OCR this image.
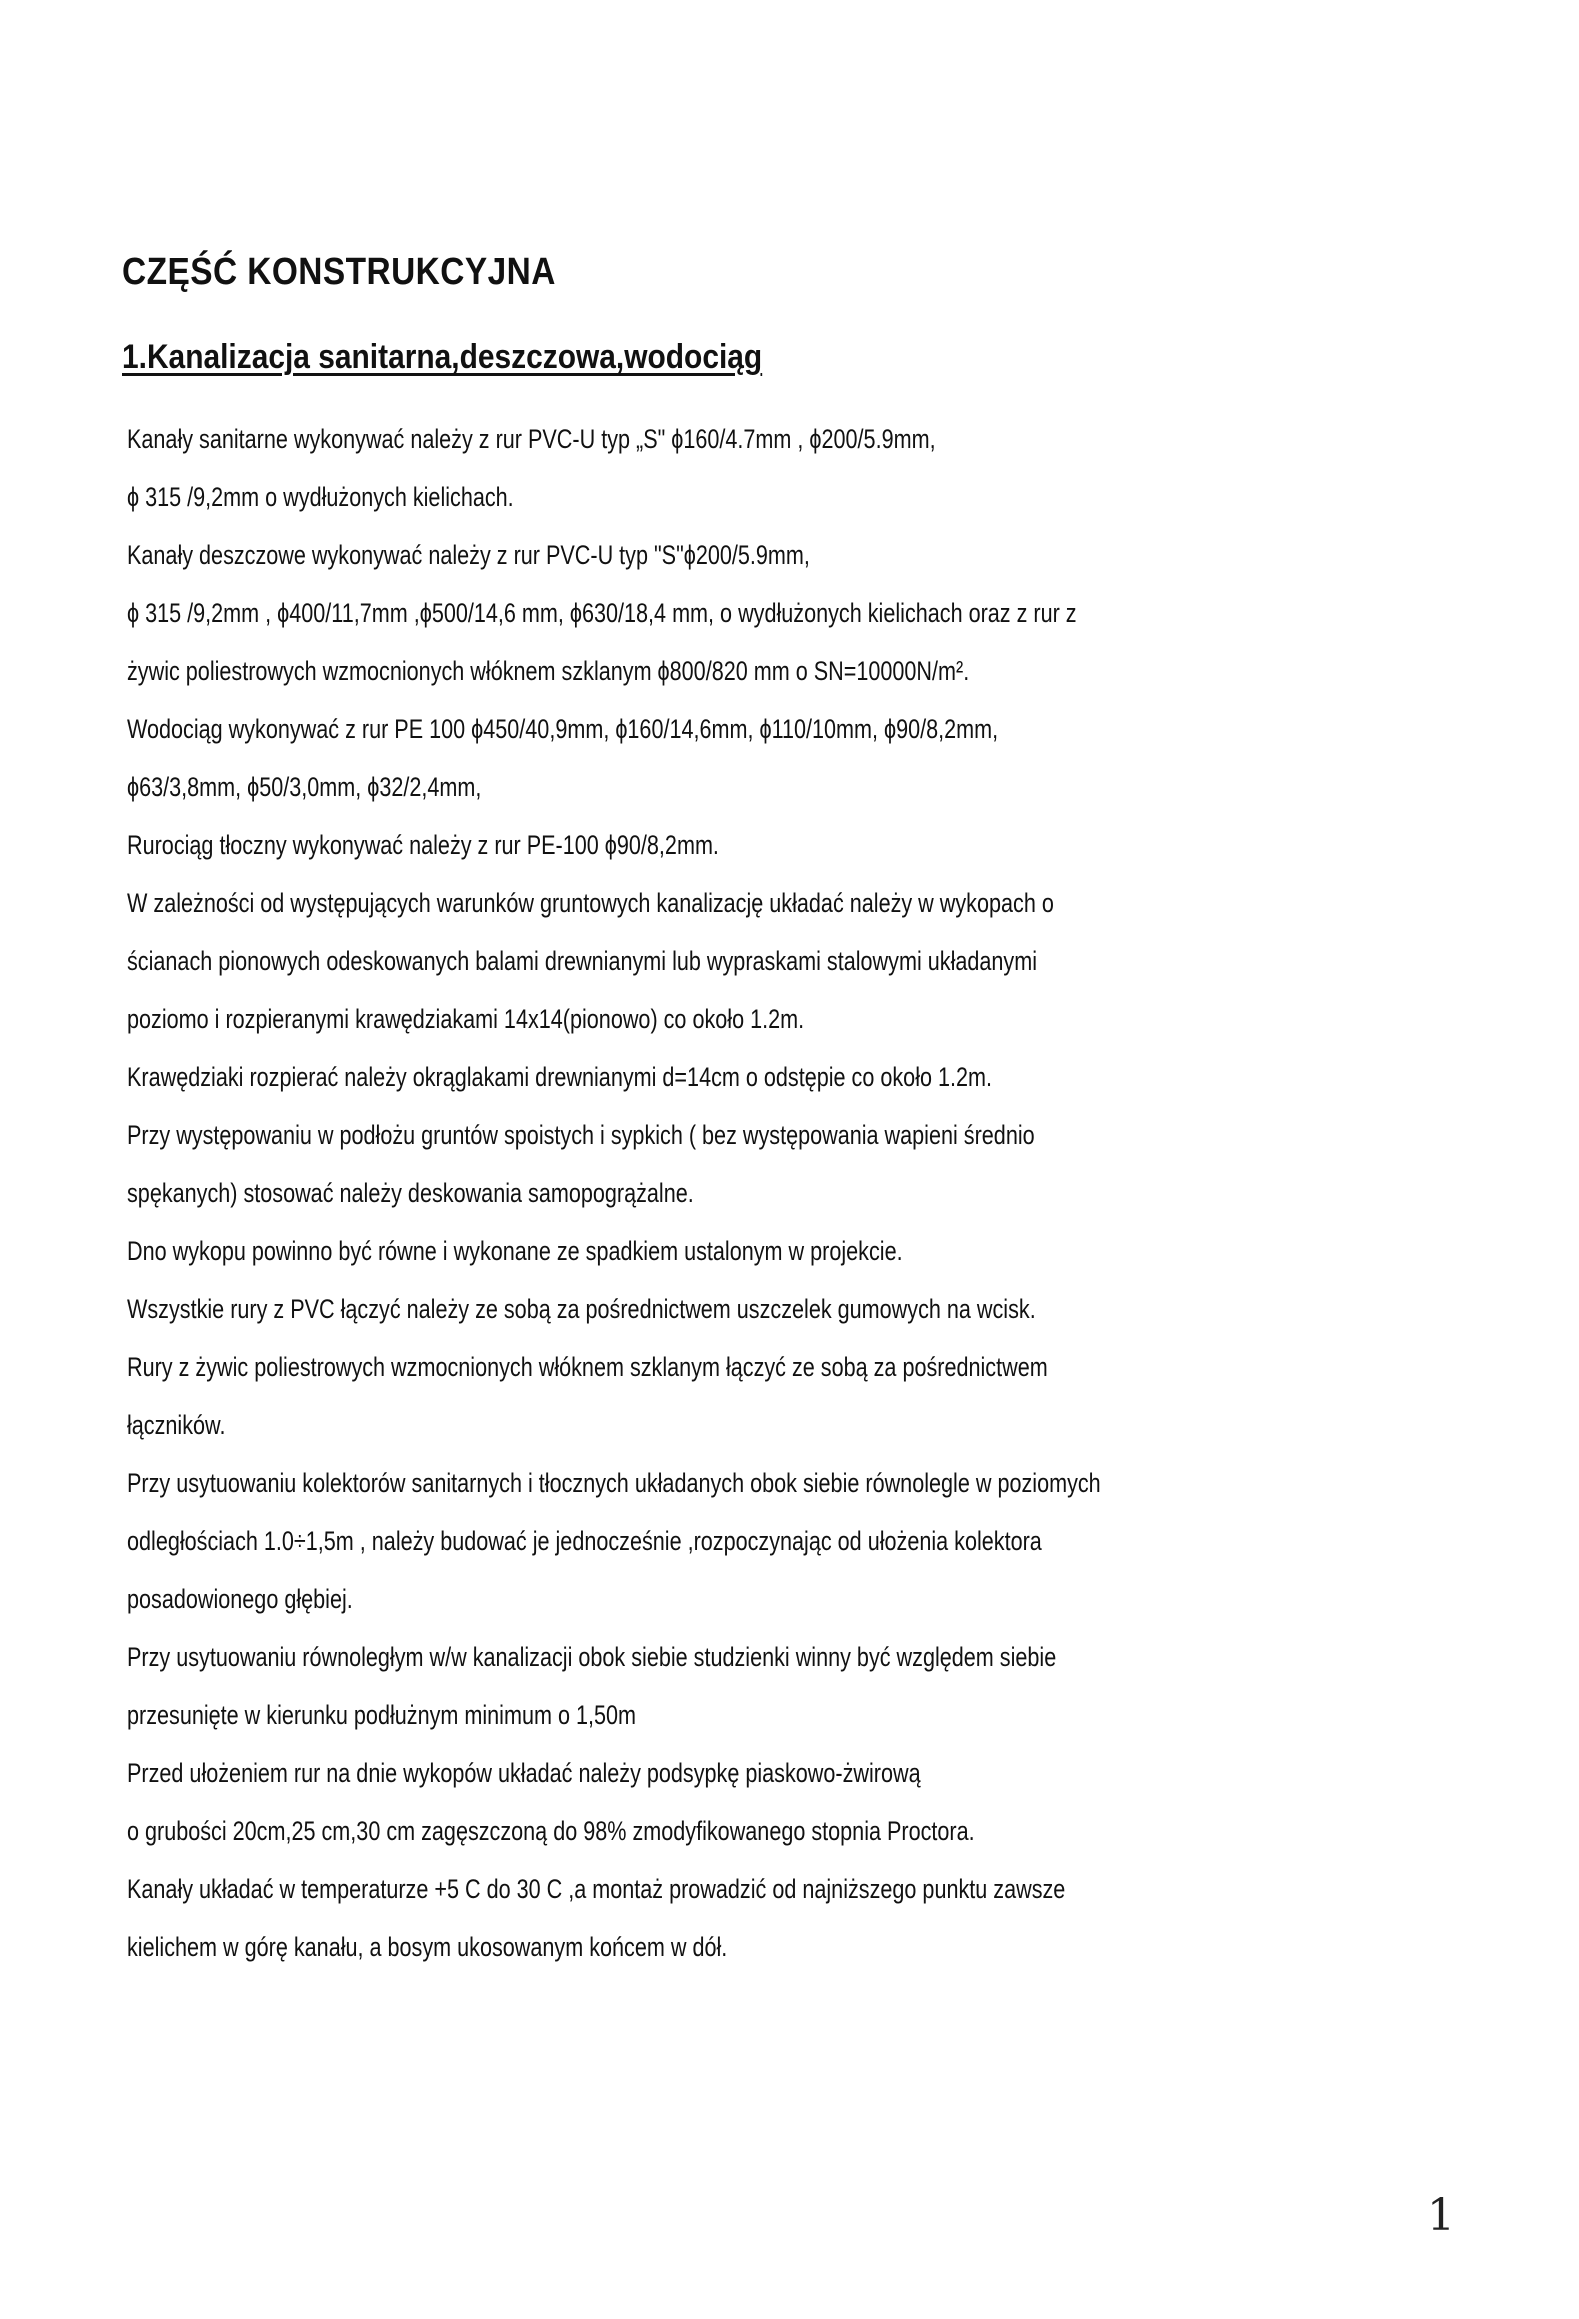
CZĘŚĆ KONSTRUKCYJNA
1.Kanalizacja sanitarna,deszczowa,wodociąg
Kanały sanitarne wykonywać należy z rur PVC-U typ „S" ϕ160/4.7mm , ϕ200/5.9mm,
ϕ 315 /9,2mm o wydłużonych kielichach.
Kanały deszczowe wykonywać należy z rur PVC-U typ "S"ϕ200/5.9mm,
ϕ 315 /9,2mm , ϕ400/11,7mm ,ϕ500/14,6 mm, ϕ630/18,4 mm, o wydłużonych kielichach oraz z rur z
żywic poliestrowych wzmocnionych włóknem szklanym ϕ800/820 mm o SN=10000N/m².
Wodociąg wykonywać z rur PE 100 ϕ450/40,9mm, ϕ160/14,6mm, ϕ110/10mm, ϕ90/8,2mm,
ϕ63/3,8mm, ϕ50/3,0mm, ϕ32/2,4mm,
Rurociąg tłoczny wykonywać należy z rur PE-100 ϕ90/8,2mm.
W zależności od występujących warunków gruntowych kanalizację układać należy w wykopach o
ścianach pionowych odeskowanych balami drewnianymi lub wypraskami stalowymi układanymi
poziomo i rozpieranymi krawędziakami 14x14(pionowo) co około 1.2m.
Krawędziaki rozpierać należy okrąglakami drewnianymi d=14cm o odstępie co około 1.2m.
Przy występowaniu w podłożu gruntów spoistych i sypkich ( bez występowania wapieni średnio
spękanych) stosować należy deskowania samopogrążalne.
Dno wykopu powinno być równe i wykonane ze spadkiem ustalonym w projekcie.
Wszystkie rury z PVC łączyć należy ze sobą za pośrednictwem uszczelek gumowych na wcisk.
Rury z żywic poliestrowych wzmocnionych włóknem szklanym łączyć ze sobą za pośrednictwem
łączników.
Przy usytuowaniu kolektorów sanitarnych i tłocznych układanych obok siebie równolegle w poziomych
odległościach 1.0÷1,5m , należy budować je jednocześnie ,rozpoczynając od ułożenia kolektora
posadowionego głębiej.
Przy usytuowaniu równoległym w/w kanalizacji obok siebie studzienki winny być względem siebie
przesunięte w kierunku podłużnym minimum o 1,50m
Przed ułożeniem rur na dnie wykopów układać należy podsypkę piaskowo-żwirową
o grubości 20cm,25 cm,30 cm zagęszczoną do 98% zmodyfikowanego stopnia Proctora.
Kanały układać w temperaturze +5 C do 30 C ,a montaż prowadzić od najniższego punktu zawsze
kielichem w górę kanału, a bosym ukosowanym końcem w dół.
1
